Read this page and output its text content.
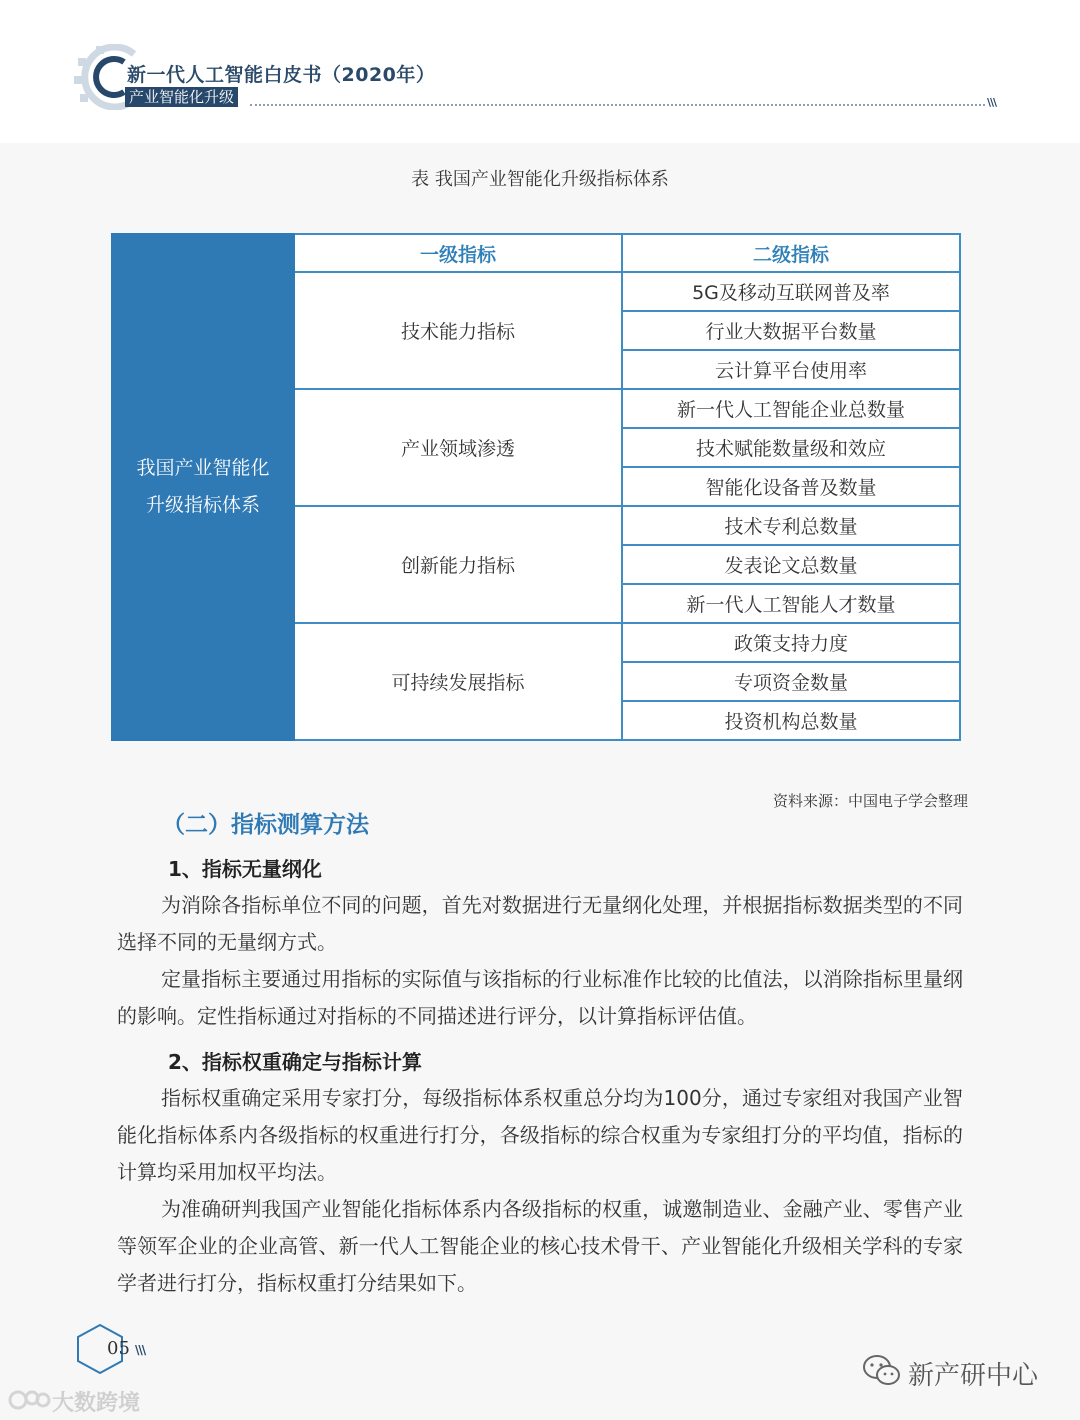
新一代人工智能白皮书（2020年）
产业智能化升级	\\\
表 我国产业智能化升级指标体系
我国产业智能化
升级指标体系	一级指标	二级指标
	技术能力指标	5G及移动互联网普及率
		行业大数据平台数量
		云计算平台使用率
	产业领域渗透	新一代人工智能企业总数量
		技术赋能数量级和效应
		智能化设备普及数量
	创新能力指标	技术专利总数量
		发表论文总数量
		新一代人工智能人才数量
	可持续发展指标	政策支持力度
		专项资金数量
		投资机构总数量
资料来源：中国电子学会整理
（二）指标测算方法
1、指标无量纲化

为消除各指标单位不同的问题，首先对数据进行无量纲化处理，并根据指标数据类型的不同选择不同的无量纲方式。

定量指标主要通过用指标的实际值与该指标的行业标准作比较的比值法，以消除指标里量纲的影响。定性指标通过对指标的不同描述进行评分，以计算指标评估值。

2、指标权重确定与指标计算

指标权重确定采用专家打分，每级指标体系权重总分均为100分，通过专家组对我国产业智能化指标体系内各级指标的权重进行打分，各级指标的综合权重为专家组打分的平均值，指标的计算均采用加权平均法。

为准确研判我国产业智能化指标体系内各级指标的权重，诚邀制造业、金融产业、零售产业等领军企业的企业高管、新一代人工智能企业的核心技术骨干、产业智能化升级相关学科的专家学者进行打分，指标权重打分结果如下。

05 \\\
新产研中心
大数跨境
